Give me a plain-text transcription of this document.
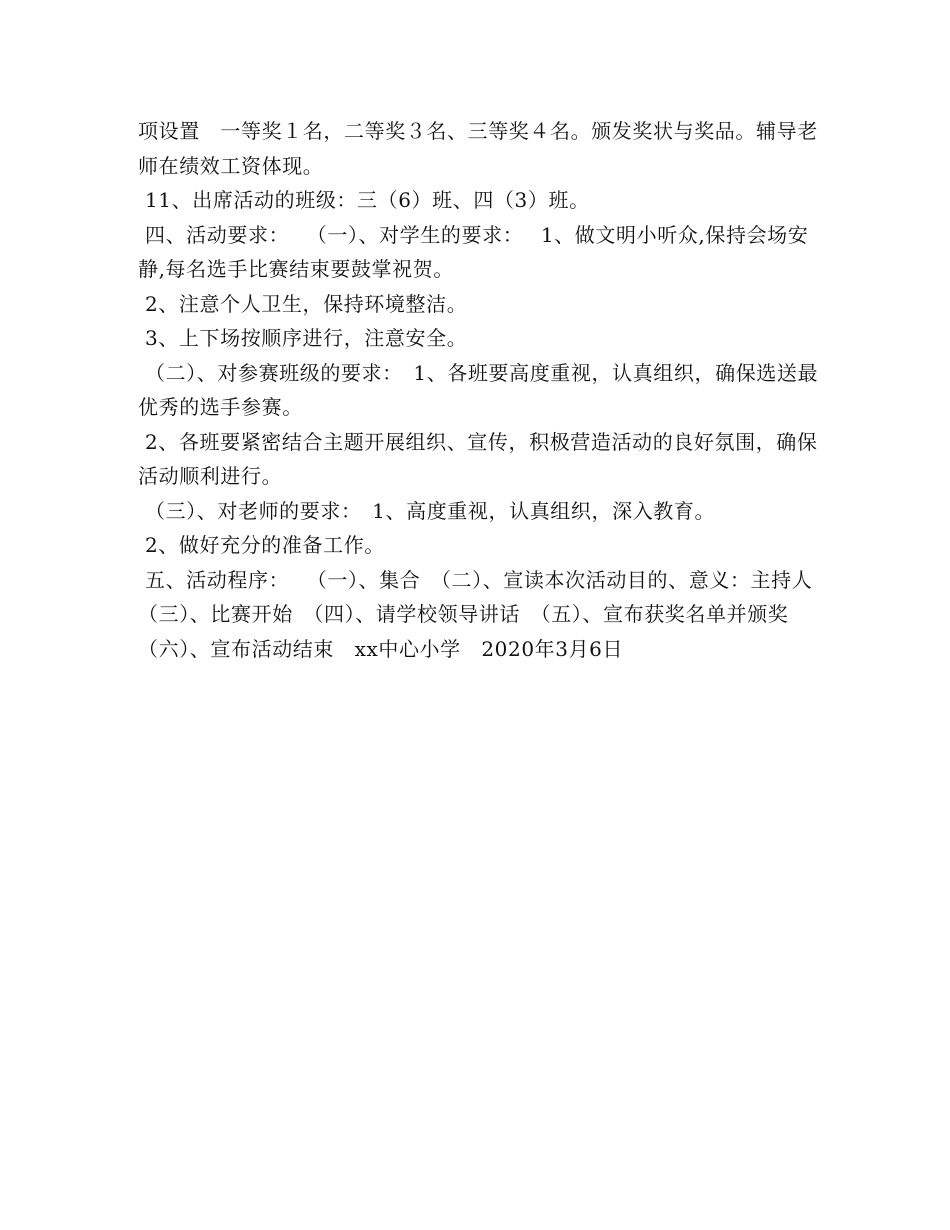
项设置　一等奖１名，二等奖３名、三等奖４名。颁发奖状与奖品。辅导老师在绩效工资体现。

11、出席活动的班级：三（6）班、四（3）班。

四、活动要求：　 （一）、对学生的要求：　 1、做文明小听众,保持会场安静,每名选手比赛结束要鼓掌祝贺。

2、注意个人卫生，保持环境整洁。

3、上下场按顺序进行，注意安全。

（二）、对参赛班级的要求：　1、各班要高度重视，认真组织，确保选送最优秀的选手参赛。

2、各班要紧密结合主题开展组织、宣传，积极营造活动的良好氛围，确保活动顺利进行。

（三）、对老师的要求：　1、高度重视，认真组织，深入教育。

2、做好充分的准备工作。

五、活动程序：　 （一）、集合　（二）、宣读本次活动目的、意义：主持人　（三）、比赛开始　（四）、请学校领导讲话　（五）、宣布获奖名单并颁奖　（六）、宣布活动结束　xx中心小学　2020年3月6日
